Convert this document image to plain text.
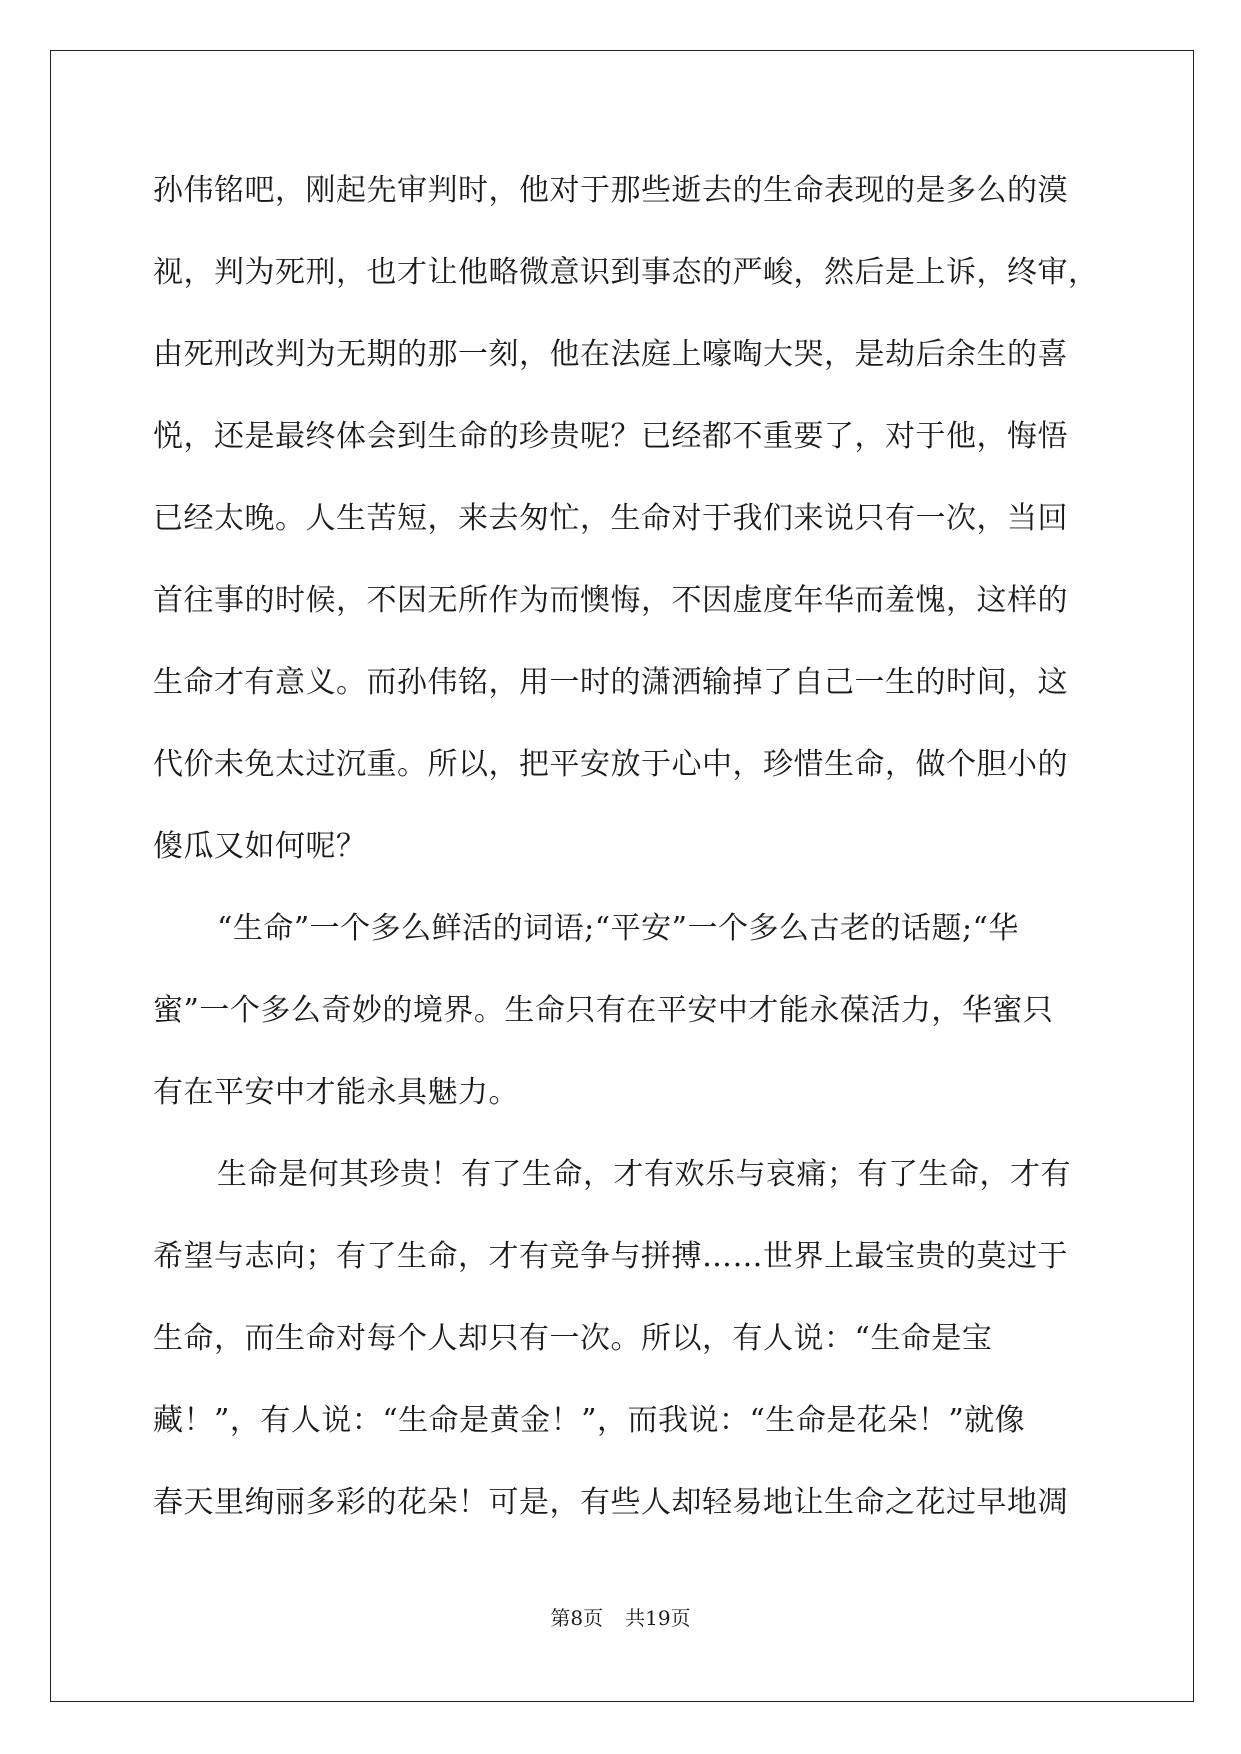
孙伟铭吧，刚起先审判时，他对于那些逝去的生命表现的是多么的漠
视，判为死刑，也才让他略微意识到事态的严峻，然后是上诉，终审，
由死刑改判为无期的那一刻，他在法庭上嚎啕大哭，是劫后余生的喜
悦，还是最终体会到生命的珍贵呢？已经都不重要了，对于他，悔悟
已经太晚。人生苦短，来去匆忙，生命对于我们来说只有一次，当回
首往事的时候，不因无所作为而懊悔，不因虚度年华而羞愧，这样的
生命才有意义。而孙伟铭，用一时的潇洒输掉了自己一生的时间，这
代价未免太过沉重。所以，把平安放于心中，珍惜生命，做个胆小的
傻瓜又如何呢？
“生命”一个多么鲜活的词语;“平安”一个多么古老的话题;“华
蜜”一个多么奇妙的境界。生命只有在平安中才能永葆活力，华蜜只
有在平安中才能永具魅力。
生命是何其珍贵！有了生命，才有欢乐与哀痛；有了生命，才有
希望与志向；有了生命，才有竞争与拼搏……世界上最宝贵的莫过于
生命，而生命对每个人却只有一次。所以，有人说：“生命是宝
藏！”，有人说：“生命是黄金！”，而我说：“生命是花朵！”就像
春天里绚丽多彩的花朵！可是，有些人却轻易地让生命之花过早地凋
第8页 共19页
